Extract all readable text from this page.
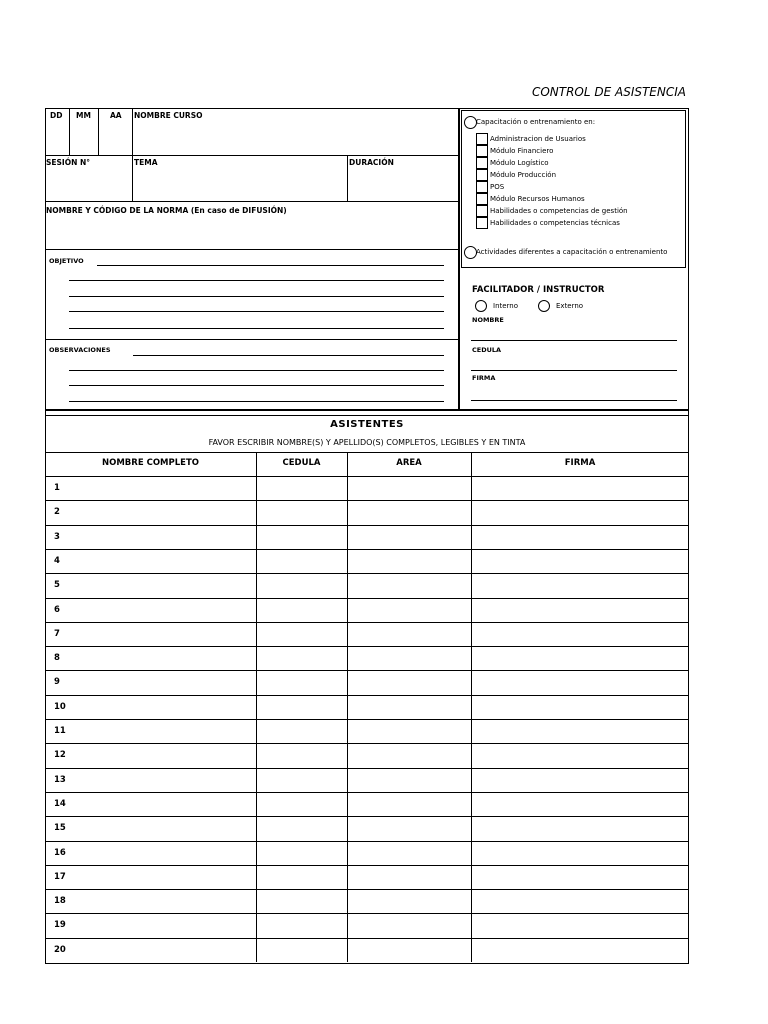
CONTROL DE ASISTENCIA
DD MM	AA NOMBRE CURSO
SESIÓN N°	TEMA	DURACIÓN
NOMBRE Y CÓDIGO DE LA NORMA (En caso de DIFUSIÓN)
OBJETIVO
OBSERVACIONES
Capacitación o entrenamiento en:
Administracion de Usuarios
Módulo Financiero
Módulo Logístico
Módulo Producción
POS
Módulo Recursos Humanos
Habilidades o competencias de gestión
Habilidades o competencias técnicas
Actividades diferentes a capacitación o entrenamiento
FACILITADOR / INSTRUCTOR
Interno	Externo
NOMBRE
CEDULA
FIRMA
ASISTENTES
FAVOR ESCRIBIR NOMBRE(S) Y APELLIDO(S) COMPLETOS, LEGIBLES Y EN TINTA
NOMBRE COMPLETO	CEDULA	AREA	FIRMA
1
2
3
4
5
6
7
8
9
10
11
12
13
14
15
16
17
18
19
20
